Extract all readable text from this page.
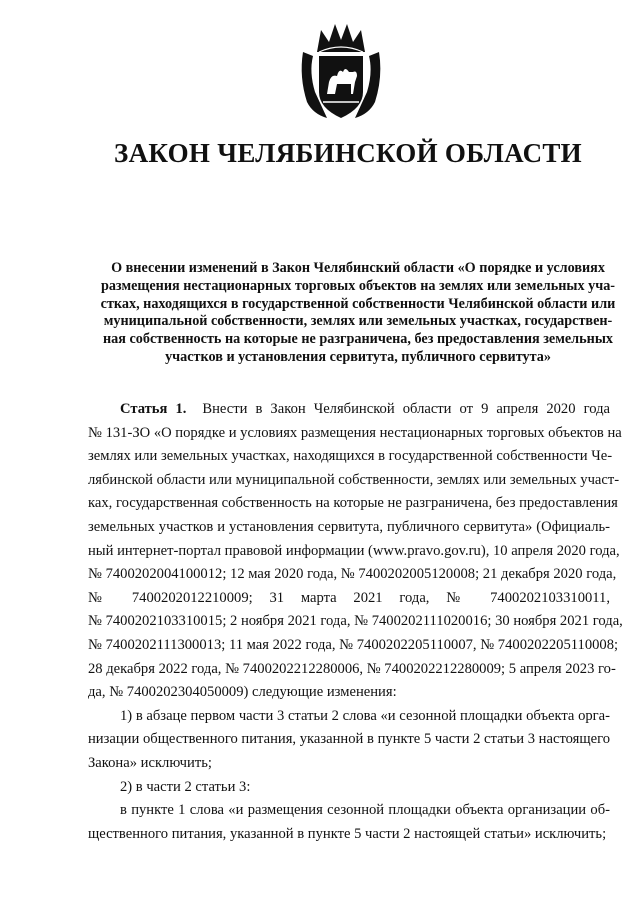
ЗАКОН ЧЕЛЯБИНСКОЙ ОБЛАСТИ
О внесении изменений в Закон Челябинский области «О порядке и условиях
размещения нестационарных торговых объектов на землях или земельных уча-
стках, находящихся в государственной собственности Челябинской области или
муниципальной собственности, землях или земельных участках, государствен-
ная собственность на которые не разграничена, без предоставления земельных
участков и установления сервитута, публичного сервитута»
Статья 1. Внести в Закон Челябинской области от 9 апреля 2020 года
№ 131-ЗО «О порядке и условиях размещения нестационарных торговых объектов на
землях или земельных участках, находящихся в государственной собственности Че-
лябинской области или муниципальной собственности, землях или земельных участ-
ках, государственная собственность на которые не разграничена, без предоставления
земельных участков и установления сервитута, публичного сервитута» (Официаль-
ный интернет-портал правовой информации (www.pravo.gov.ru), 10 апреля 2020 года,
№ 7400202004100012; 12 мая 2020 года, № 7400202005120008; 21 декабря 2020 года,
№ 7400202012210009; 31 марта 2021 года, № 7400202103310011,
№ 7400202103310015; 2 ноября 2021 года, № 7400202111020016; 30 ноября 2021 года,
№ 7400202111300013; 11 мая 2022 года, № 7400202205110007, № 7400202205110008;
28 декабря 2022 года, № 7400202212280006, № 7400202212280009; 5 апреля 2023 го-
да, № 7400202304050009) следующие изменения:
1) в абзаце первом части 3 статьи 2 слова «и сезонной площадки объекта орга-
низации общественного питания, указанной в пункте 5 части 2 статьи 3 настоящего
Закона» исключить;
2) в части 2 статьи 3:
в пункте 1 слова «и размещения сезонной площадки объекта организации об-
щественного питания, указанной в пункте 5 части 2 настоящей статьи» исключить;
